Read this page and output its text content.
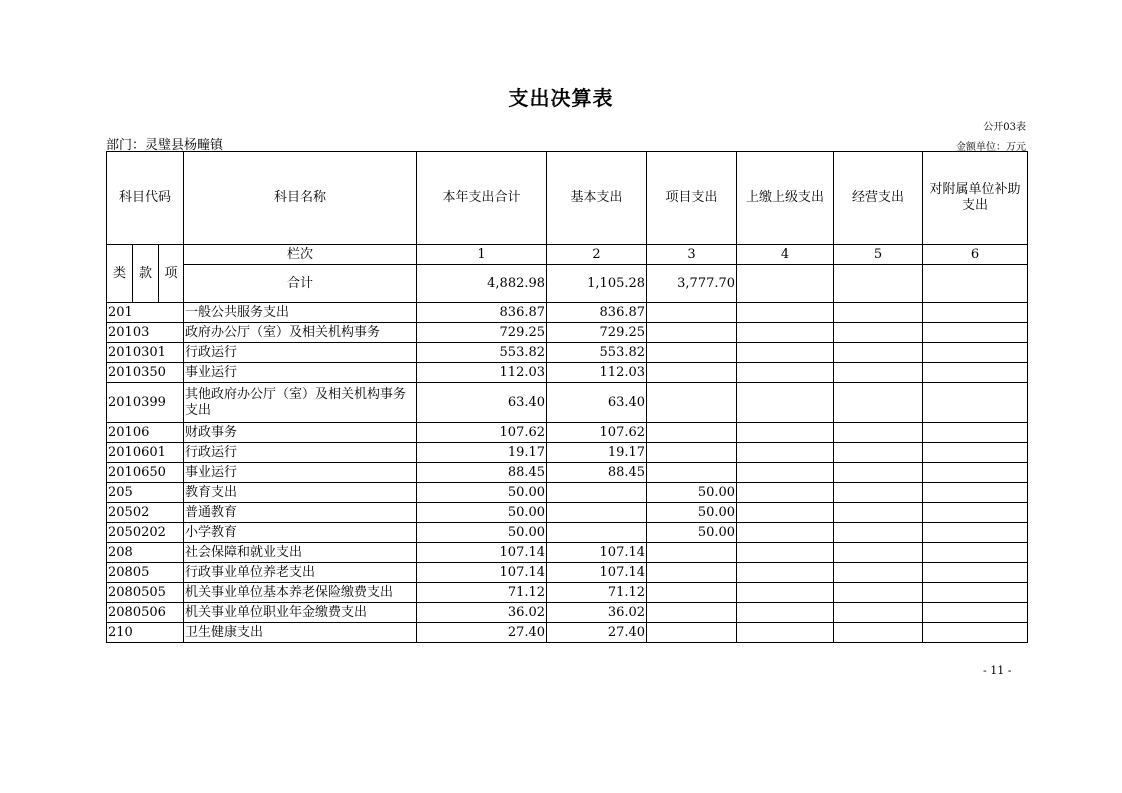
支出决算表
公开03表
部门：灵璧县杨疃镇	金额单位：万元
科目代码			科目名称	本年支出合计	基本支出	项目支出	上缴上级支出	经营支出	对附属单位补助支出
类	款	项	栏次	1	2	3	4	5	6
			合计	4,882.98	1,105.28	3,777.70			
201			一般公共服务支出	836.87	836.87				
20103			政府办公厅（室）及相关机构事务	729.25	729.25				
2010301			行政运行	553.82	553.82				
2010350			事业运行	112.03	112.03				
2010399			其他政府办公厅（室）及相关机构事务支出	63.40	63.40				
20106			财政事务	107.62	107.62				
2010601			行政运行	19.17	19.17				
2010650			事业运行	88.45	88.45				
205			教育支出	50.00		50.00			
20502			普通教育	50.00		50.00			
2050202			小学教育	50.00		50.00			
208			社会保障和就业支出	107.14	107.14				
20805			行政事业单位养老支出	107.14	107.14				
2080505			机关事业单位基本养老保险缴费支出	71.12	71.12				
2080506			机关事业单位职业年金缴费支出	36.02	36.02				
210			卫生健康支出	27.40	27.40				
- 11 -
